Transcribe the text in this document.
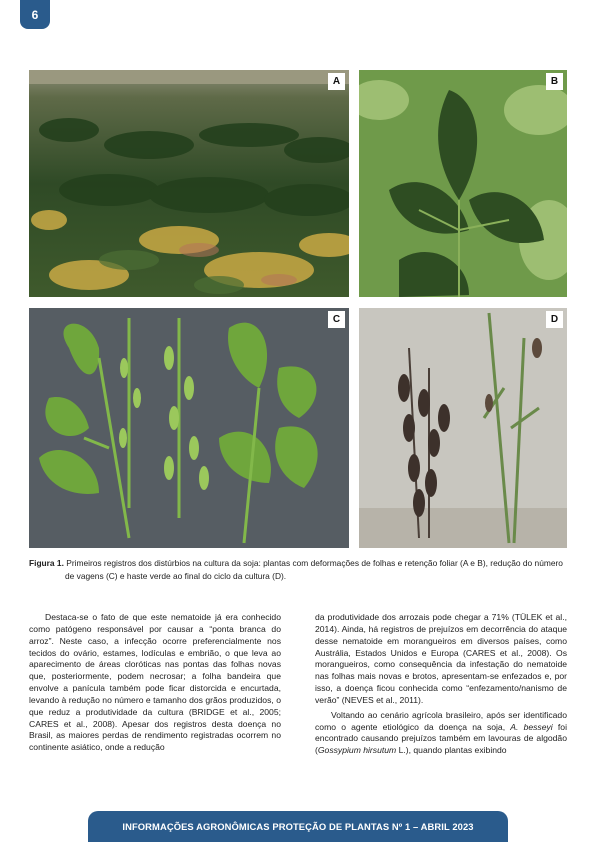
6
A	B
C	D
Figura 1. Primeiros registros dos distúrbios na cultura da soja: plantas com deformações de folhas e retenção foliar (A e B), redução do número de vagens (C) e haste verde ao final do ciclo da cultura (D).

Destaca-se o fato de que este nematoide já era conhecido como patógeno responsável por causar a “ponta branca do arroz”. Neste caso, a infecção ocorre preferencialmente nos tecidos do ovário, estames, lodículas e embrião, o que leva ao aparecimento de áreas cloróticas nas pontas das folhas novas que, posteriormente, podem necrosar; a folha bandeira que envolve a panícula também pode ficar distorcida e encurtada, levando à redução no número e tamanho dos grãos produzidos, o que reduz a produtividade da cultura (BRIDGE et al., 2005; CARES et al., 2008). Apesar dos registros desta doença no Brasil, as maiores perdas de rendimento registradas ocorrem no continente asiático, onde a redução

da produtividade dos arrozais pode chegar a 71% (TÜLEK et al., 2014). Ainda, há registros de prejuízos em decorrência do ataque desse nematoide em morangueiros em diversos países, como Austrália, Estados Unidos e Europa (CARES et al., 2008). Os morangueiros, como consequência da infestação do nematoide nas folhas mais novas e brotos, apresentam-se enfezados e, por isso, a doença ficou conhecida como “enfezamento/nanismo de verão” (NEVES et al., 2011).

Voltando ao cenário agrícola brasileiro, após ser identificado como o agente etiológico da doença na soja, A. besseyi foi encontrado causando prejuízos também em lavouras de algodão (Gossypium hirsutum L.), quando plantas exibindo

INFORMAÇÕES AGRONÔMICAS PROTEÇÃO DE PLANTAS Nº 1 – ABRIL 2023
